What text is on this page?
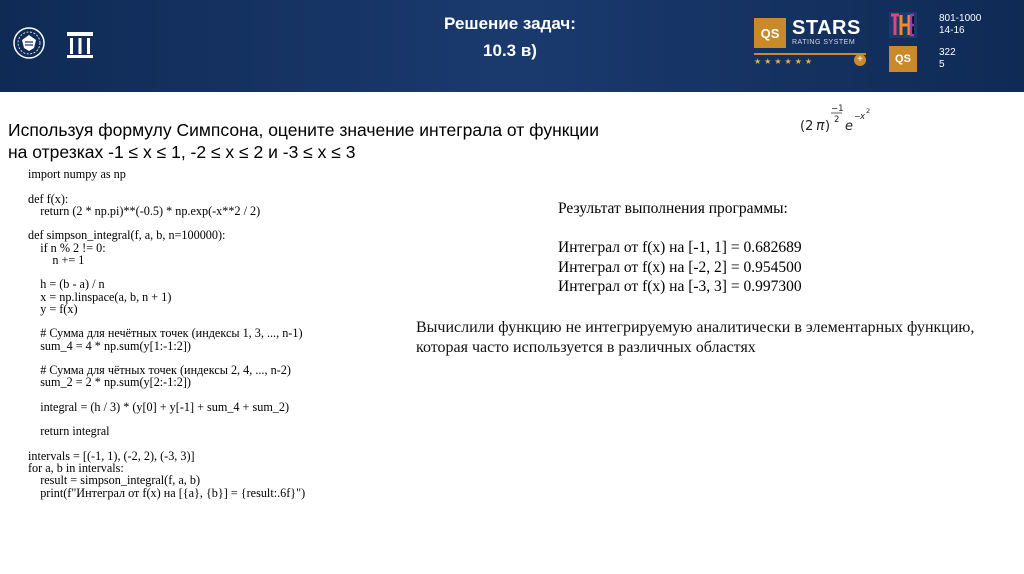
Решение задач:
10.3 в)
QS STARS
RATING SYSTEM
★★★★★★	+	QS
801-1000
14-16
322
5
Используя формулу Симпсона, оцените значение интеграла от функции
на отрезках -1 ≤ x ≤ 1, -2 ≤ x ≤ 2 и -3 ≤ x ≤ 3
(2 π )
−1
2 e
− x
2
import numpy as np

def f(x):
return (2 * np.pi)**(-0.5) * np.exp(-x**2 / 2)

def simpson_integral(f, a, b, n=100000):
if n % 2 != 0:
n += 1

h = (b - a) / n
x = np.linspace(a, b, n + 1)
y = f(x)

# Сумма для нечётных точек (индексы 1, 3, ..., n-1)
sum_4 = 4 * np.sum(y[1:-1:2])

# Сумма для чётных точек (индексы 2, 4, ..., n-2)
sum_2 = 2 * np.sum(y[2:-1:2])

integral = (h / 3) * (y[0] + y[-1] + sum_4 + sum_2)

return integral

intervals = [(-1, 1), (-2, 2), (-3, 3)]
for a, b in intervals:
result = simpson_integral(f, a, b)
print(f"Интеграл от f(x) на [{a}, {b}] = {result:.6f}")
Результат выполнения программы:
Интеграл от f(x) на [-1, 1] = 0.682689
Интеграл от f(x) на [-2, 2] = 0.954500
Интеграл от f(x) на [-3, 3] = 0.997300
Вычислили функцию не интегрируемую аналитически в элементарных функцию, которая часто используется в различных областях
